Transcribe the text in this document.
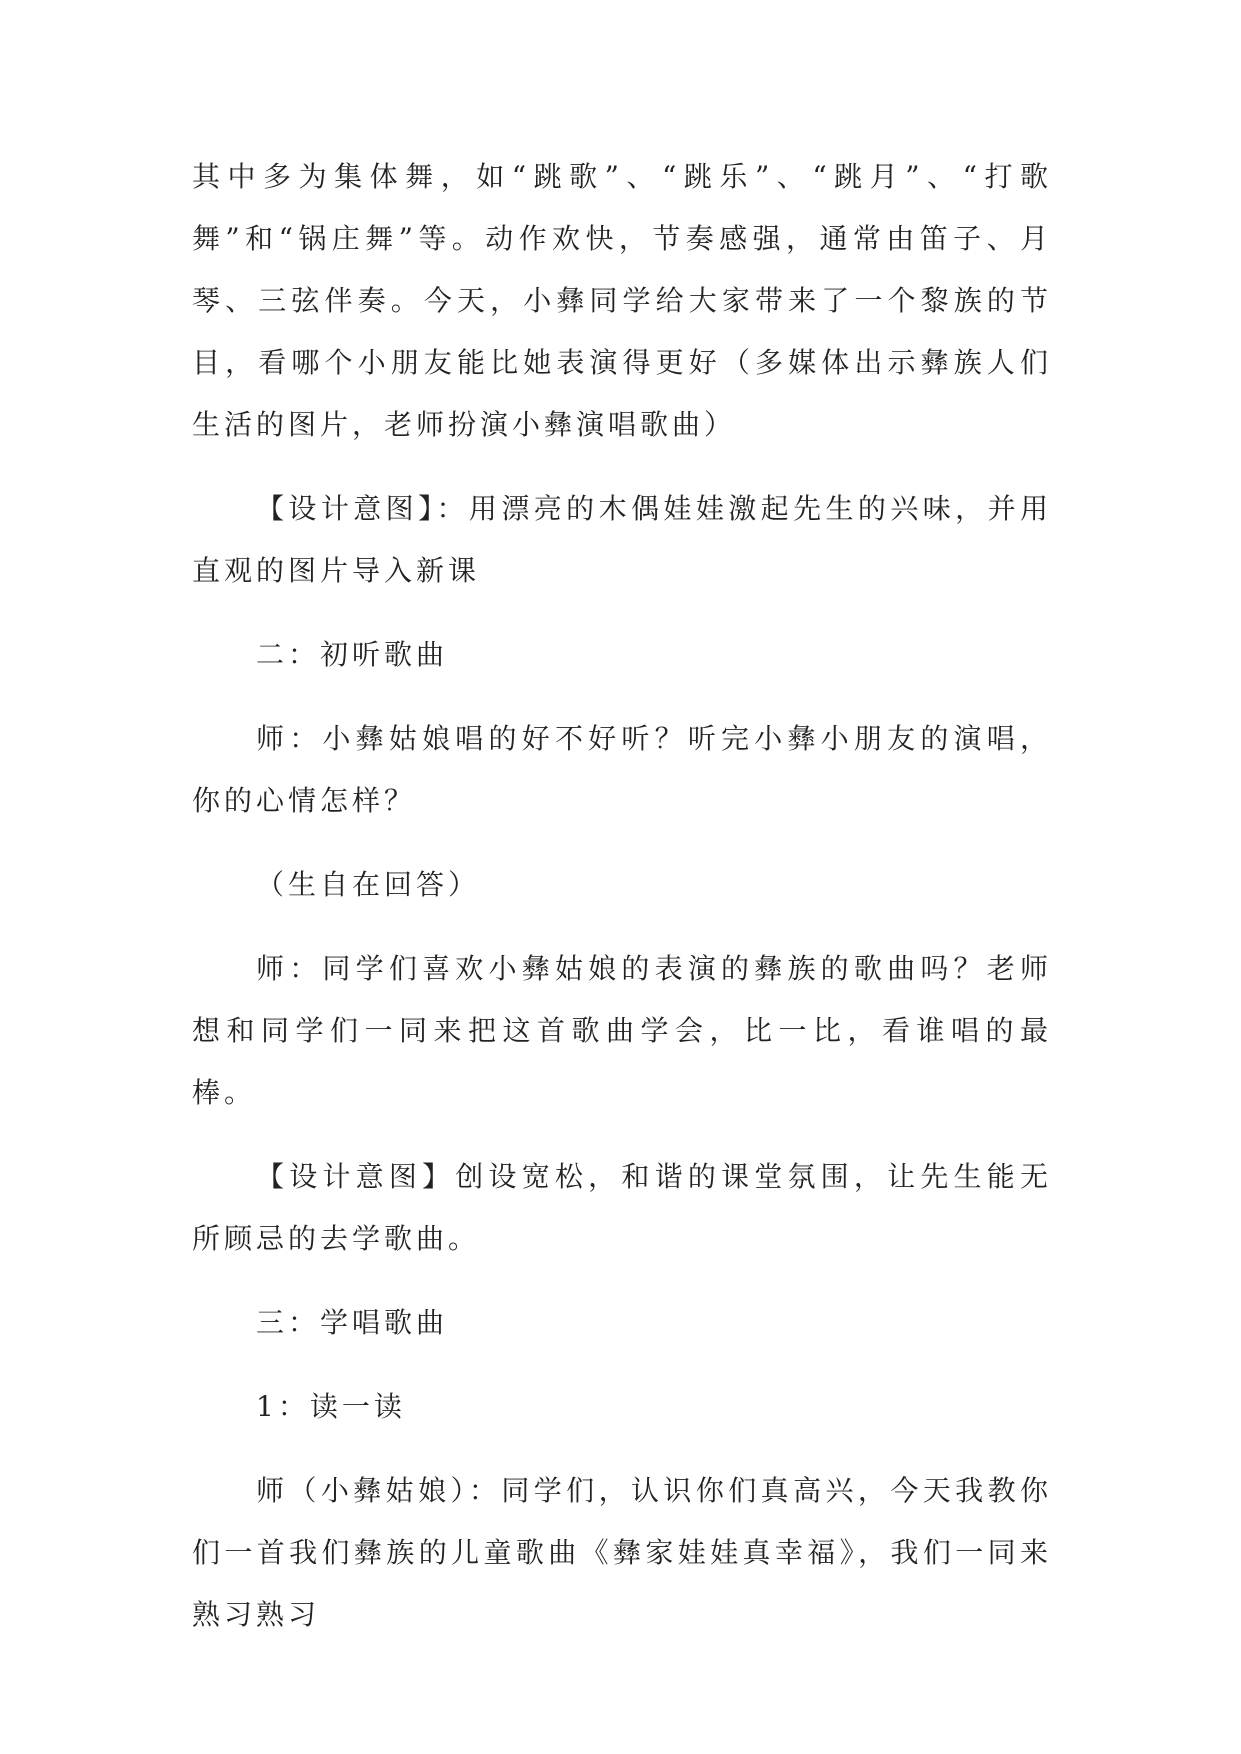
其中多为集体舞，如“跳歌”、“跳乐”、“跳月”、“打歌舞”和“锅庄舞”等。动作欢快，节奏感强，通常由笛子、月琴、三弦伴奏。今天，小彝同学给大家带来了一个黎族的节目，看哪个小朋友能比她表演得更好（多媒体出示彝族人们生活的图片，老师扮演小彝演唱歌曲）

【设计意图】：用漂亮的木偶娃娃激起先生的兴味，并用直观的图片导入新课

二：初听歌曲

师：小彝姑娘唱的好不好听？听完小彝小朋友的演唱，你的心情怎样？

（生自在回答）

师：同学们喜欢小彝姑娘的表演的彝族的歌曲吗？老师想和同学们一同来把这首歌曲学会，比一比，看谁唱的最棒。

【设计意图】创设宽松，和谐的课堂氛围，让先生能无所顾忌的去学歌曲。

三：学唱歌曲

1：读一读

师（小彝姑娘）：同学们，认识你们真高兴，今天我教你们一首我们彝族的儿童歌曲《彝家娃娃真幸福》，我们一同来熟习熟习
